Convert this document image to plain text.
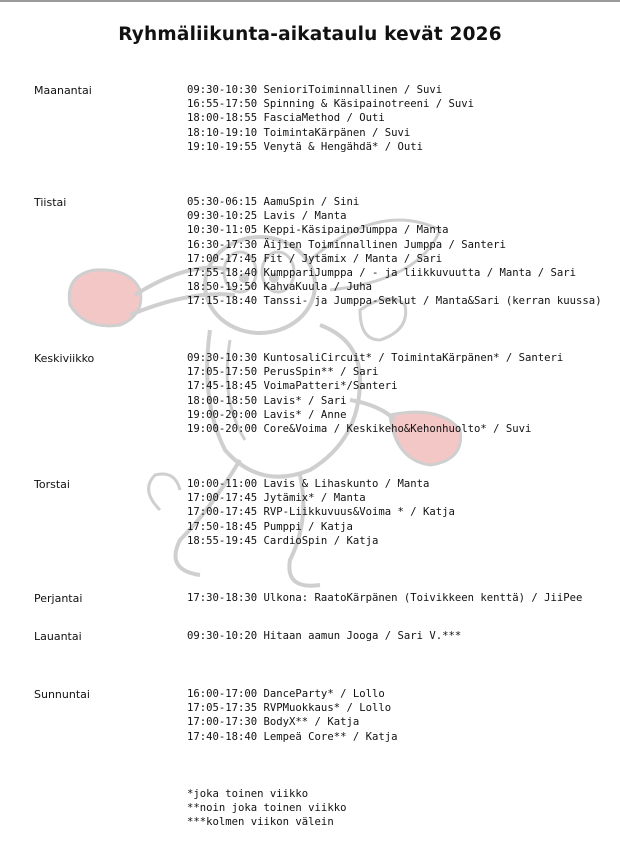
Ryhmäliikunta-aikataulu kevät 2026
Maanantai	09:30-10:30 SenioriToiminnallinen / Suvi
16:55-17:50 Spinning & Käsipainotreeni / Suvi
18:00-18:55 FasciaMethod / Outi
18:10-19:10 ToimintaKärpänen / Suvi
19:10-19:55 Venytä & Hengähdä* / Outi
Tiistai	05:30-06:15 AamuSpin / Sini
09:30-10:25 Lavis / Manta
10:30-11:05 Keppi-KäsipainoJumppa / Manta
16:30-17:30 Äijien Toiminnallinen Jumppa / Santeri
17:00-17:45 Fit / Jytämix / Manta / Sari
17:55-18:40 KumppariJumppa / - ja liikkuvuutta / Manta / Sari
18:50-19:50 KahvaKuula / Juha
17:15-18:40 Tanssi- ja Jumppa-Seklut / Manta&Sari (kerran kuussa)
Keskiviikko	09:30-10:30 KuntosaliCircuit* / ToimintaKärpänen* / Santeri
17:05-17:50 PerusSpin** / Sari
17:45-18:45 VoimaPatteri*/Santeri
18:00-18:50 Lavis* / Sari
19:00-20:00 Lavis* / Anne
19:00-20:00 Core&Voima / Keskikeho&Kehonhuolto* / Suvi
Torstai	10:00-11:00 Lavis & Lihaskunto / Manta
17:00-17:45 Jytämix* / Manta
17:00-17:45 RVP-Liikkuvuus&Voima * / Katja
17:50-18:45 Pumppi / Katja
18:55-19:45 CardioSpin / Katja
Perjantai	17:30-18:30 Ulkona: RaatoKärpänen (Toivikkeen kenttä) / JiiPee
Lauantai	09:30-10:20 Hitaan aamun Jooga / Sari V.***
Sunnuntai	16:00-17:00 DanceParty* / Lollo
17:05-17:35 RVPMuokkaus* / Lollo
17:00-17:30 BodyX** / Katja
17:40-18:40 Lempeä Core** / Katja
*joka toinen viikko
**noin joka toinen viikko
***kolmen viikon välein
